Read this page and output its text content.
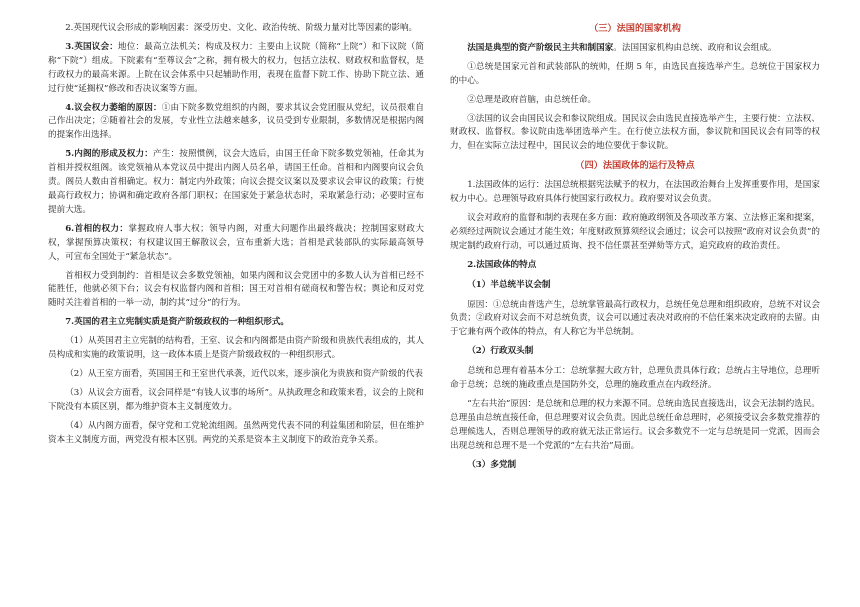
2.英国现代议会形成的影响因素：深受历史、文化、政治传统、阶级力量对比等因素的影响。

3.英国议会：地位：最高立法机关；构成及权力：主要由上议院（简称“上院”）和下议院（简称“下院”）组成。下院素有“至尊议会”之称，拥有极大的权力，包括立法权、财政权和监督权，是行政权力的最高来源。上院在议会体系中只起辅助作用，表现在监督下院工作、协助下院立法、通过行使“延搁权”修改和否决议案等方面。

4.议会权力萎缩的原因：①由下院多数党组织的内阁，要求其议会党团服从党纪，议员很难自己作出决定；②随着社会的发展，专业性立法越来越多，议员受到专业限制，多数情况是根据内阁的提案作出选择。

5.内阁的形成及权力：产生：按照惯例，议会大选后，由国王任命下院多数党领袖，任命其为首相并授权组阁。该党领袖从本党议员中提出内阁人员名单，请国王任命。首相和内阁要向议会负责。阁员人数由首相确定。权力：制定内外政策；向议会提交议案以及要求议会审议的政策；行使最高行政权力；协调和确定政府各部门职权；在国家处于紧急状态时，采取紧急行动；必要时宣布提前大选。

6.首相的权力：掌握政府人事大权；领导内阁，对重大问题作出最终裁决；控制国家财政大权，掌握预算决策权；有权建议国王解散议会，宣布重新大选；首相是武装部队的实际最高领导人，可宣布全国处于“紧急状态”。

首相权力受到制约：首相是议会多数党领袖，如果内阁和议会党团中的多数人认为首相已经不能胜任，他就必须下台；议会有权监督内阁和首相；国王对首相有磋商权和警告权；舆论和反对党随时关注着首相的一举一动，制约其“过分”的行为。

7.英国的君主立宪制实质是资产阶级政权的一种组织形式。

（1）从英国君主立宪制的结构看，王室、议会和内阁都是由资产阶级和贵族代表组成的，其人员构成和实施的政策说明，这一政体本质上是资产阶级政权的一种组织形式。

（2）从王室方面看，英国国王和王室世代承袭，近代以来，逐步演化为贵族和资产阶级的代表

（3）从议会方面看，议会同样是“有钱人议事的场所”。从执政理念和政策来看，议会的上院和下院没有本质区别，都为维护资本主义制度效力。

（4）从内阁方面看，保守党和工党轮流组阁。虽然两党代表不同的利益集团和阶层，但在维护资本主义制度方面，两党没有根本区别。两党的关系是资本主义制度下的政治竞争关系。

（三）法国的国家机构

法国是典型的资产阶级民主共和制国家。法国国家机构由总统、政府和议会组成。

①总统是国家元首和武装部队的统帅，任期 5 年，由选民直接选举产生。总统位于国家权力的中心。

②总理是政府首脑，由总统任命。

③法国的议会由国民议会和参议院组成。国民议会由选民直接选举产生，主要行使：立法权、财政权、监督权。参议院由选举团选举产生。在行使立法权方面，参议院和国民议会有同等的权力，但在实际立法过程中，国民议会的地位要优于参议院。

（四）法国政体的运行及特点

1.法国政体的运行：法国总统根据宪法赋予的权力，在法国政治舞台上发挥重要作用，是国家权力中心。总理领导政府具体行使国家行政权力。政府要对议会负责。

议会对政府的监督和制约表现在多方面：政府施政纲领及各项改革方案、立法修正案和提案，必须经过两院议会通过才能生效；年度财政预算须经议会通过；议会可以按照“政府对议会负责”的规定制约政府行动，可以通过质询、投不信任票甚至弹劾等方式，追究政府的政治责任。

2.法国政体的特点

（1）半总统半议会制

原因：①总统由普选产生，总统掌管最高行政权力，总统任免总理和组织政府，总统不对议会负责；②政府对议会而不对总统负责，议会可以通过表决对政府的不信任案来决定政府的去留。由于它兼有两个政体的特点，有人称它为半总统制。

（2）行政双头制

总统和总理有着基本分工：总统掌握大政方针，总理负责具体行政；总统占主导地位，总理听命于总统；总统的施政重点是国防外交，总理的施政重点在内政经济。

“左右共治”原因：是总统和总理的权力来源不同。总统由选民直接选出，议会无法制约选民。总理虽由总统直接任命，但总理要对议会负责。因此总统任命总理时，必须接受议会多数党推荐的总理候选人，否则总理领导的政府就无法正常运行。议会多数党不一定与总统是同一党派，因而会出现总统和总理不是一个党派的“左右共治”局面。

（3）多党制
